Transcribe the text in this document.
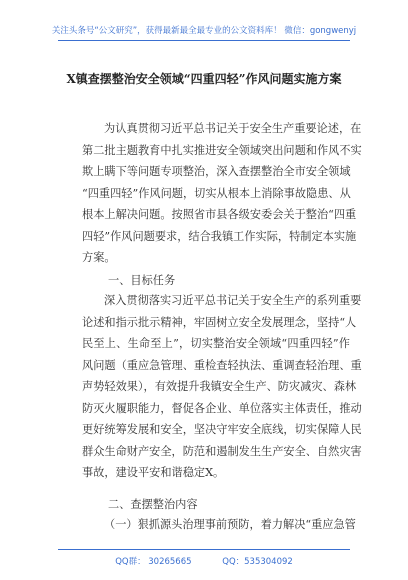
关注头条号“公文研究”，获得最新最全最专业的公文资料库！ 微信：gongwenyj
X镇查摆整治安全领域“四重四轻”作风问题实施方案
为认真贯彻习近平总书记关于安全生产重要论述，在
第二批主题教育中扎实推进安全领域突出问题和作风不实
欺上瞒下等问题专项整治，深入查摆整治全市安全领域
“四重四轻”作风问题，切实从根本上消除事故隐患、从
根本上解决问题。按照省市县各级安委会关于整治“四重
四轻”作风问题要求，结合我镇工作实际，特制定本实施
方案。
一、目标任务
深入贯彻落实习近平总书记关于安全生产的系列重要
论述和指示批示精神，牢固树立安全发展理念，坚持“人
民至上、生命至上”，切实整治安全领域“四重四轻”作
风问题（重应急管理、重检查轻执法、重调查轻治理、重
声势轻效果），有效提升我镇安全生产、防灾减灾、森林
防灭火履职能力，督促各企业、单位落实主体责任，推动
更好统筹发展和安全，坚决守牢安全底线，切实保障人民
群众生命财产安全，防范和遏制发生生产安全、自然灾害
事故，建设平安和谐稳定X。
二、查摆整治内容
（一）狠抓源头治理事前预防，着力解决“重应急管
QQ群： 30265665	QQ：535304092
